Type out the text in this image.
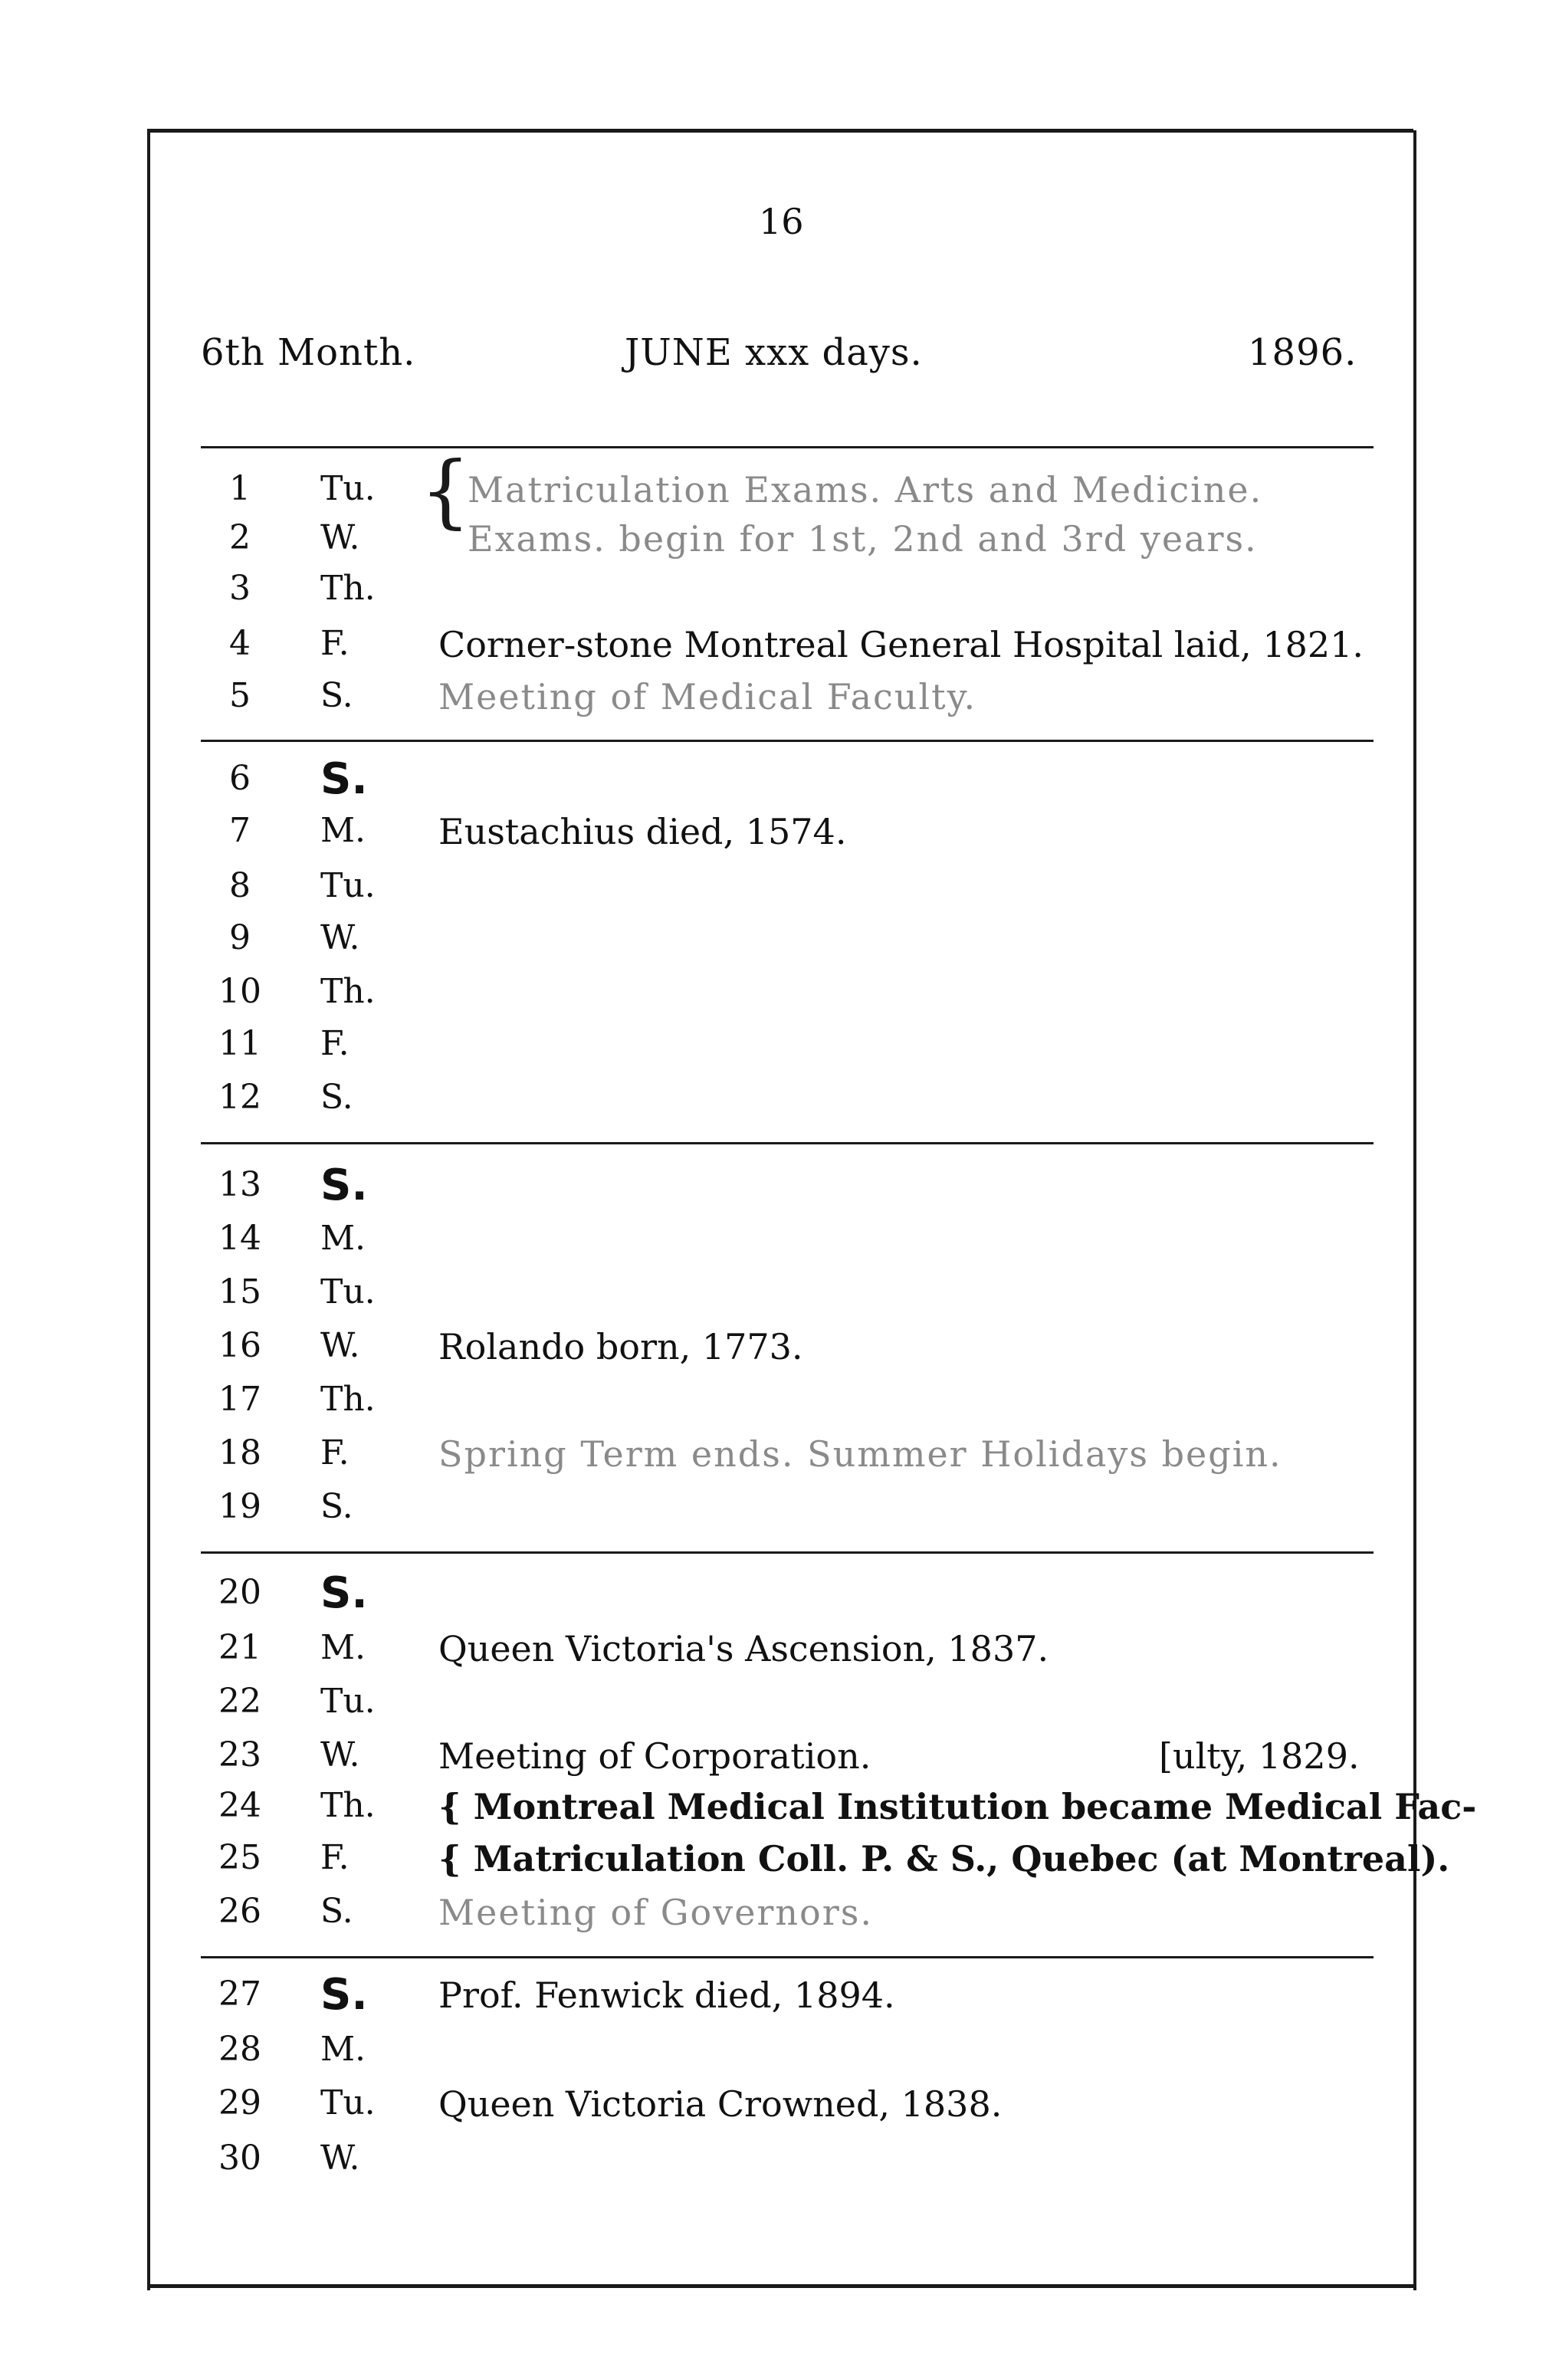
16
6th Month.	JUNE xxx days.	1896.
{
1	Tu.	Matriculation Exams. Arts and Medicine.
2	W.	Exams. begin for 1st, 2nd and 3rd years.
3	Th.
4	F.	Corner-stone Montreal General Hospital laid, 1821.
5	S. Meeting of Medical Faculty.
6	S.
7	M. Eustachius died, 1574.
8	Tu.
9	W.
10	Th.
11	F.
12	S.
13	S.
14	M.
15	Tu.
16	W. Rolando born, 1773.
17	Th.
18	F.	Spring Term ends. Summer Holidays begin.
19	S.
20	S.
21	M. Queen Victoria's Ascension, 1837.
22	Tu.
23	W. Meeting of Corporation.	[ulty, 1829.
24	Th. { Montreal Medical Institution became Medical Fac-
25	F.	{ Matriculation Coll. P. & S., Quebec (at Montreal).
26	S. Meeting of Governors.
27	S. Prof. Fenwick died, 1894.
28	M.
29	Tu. Queen Victoria Crowned, 1838.
30	W.
